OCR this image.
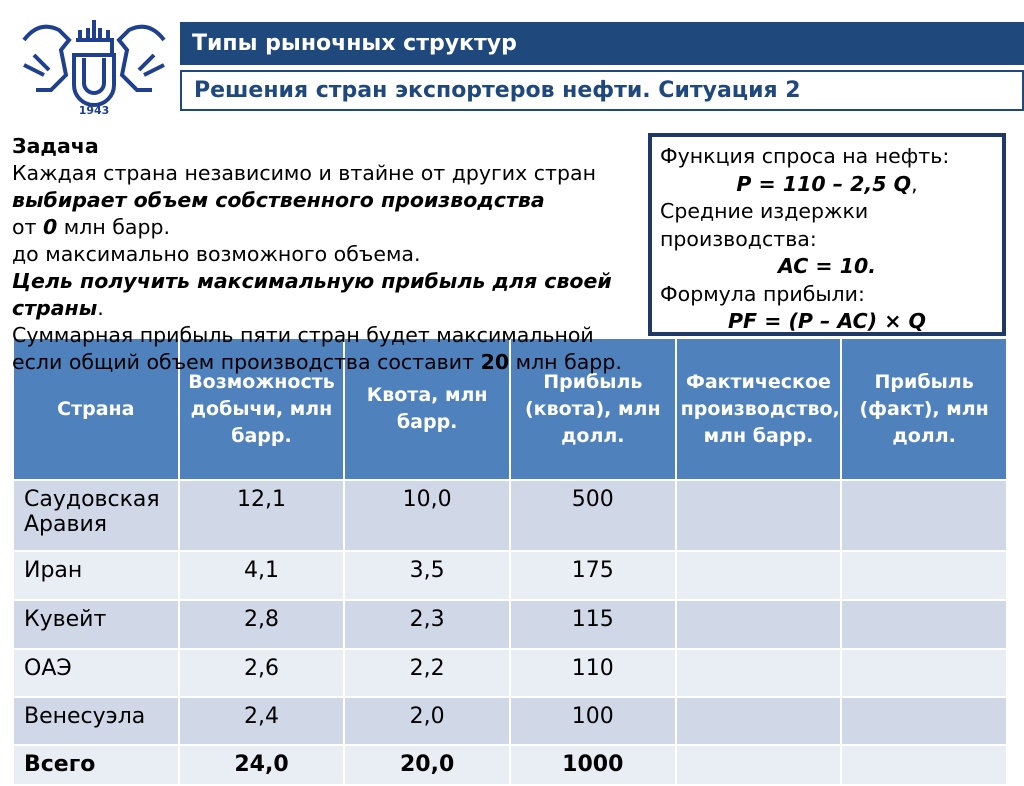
1943
Типы рыночных структур
Решения стран экспортеров нефти. Ситуация 2
Задача
Каждая страна независимо и втайне от других стран
выбирает объем собственного производства
от 0 млн барр.
до максимально возможного объема.
Цель получить максимальную прибыль для своей страны.
Суммарная прибыль пяти стран будет максимальной
если общий объем производства составит 20 млн барр.
Функция спроса на нефть:
P = 110 – 2,5 Q,
Средние издержки производства:
AC = 10.
Формула прибыли:
PF = (P – AC) × Q
Страна	Возможность добычи, млн барр.	Квота, млн барр.	Прибыль (квота), млн долл.	Фактическое производство, млн барр.	Прибыль (факт), млн долл.
Саудовская Аравия	12,1	10,0	500		
Иран	4,1	3,5	175		
Кувейт	2,8	2,3	115		
ОАЭ	2,6	2,2	110		
Венесуэла	2,4	2,0	100		
Всего	24,0	20,0	1000		
